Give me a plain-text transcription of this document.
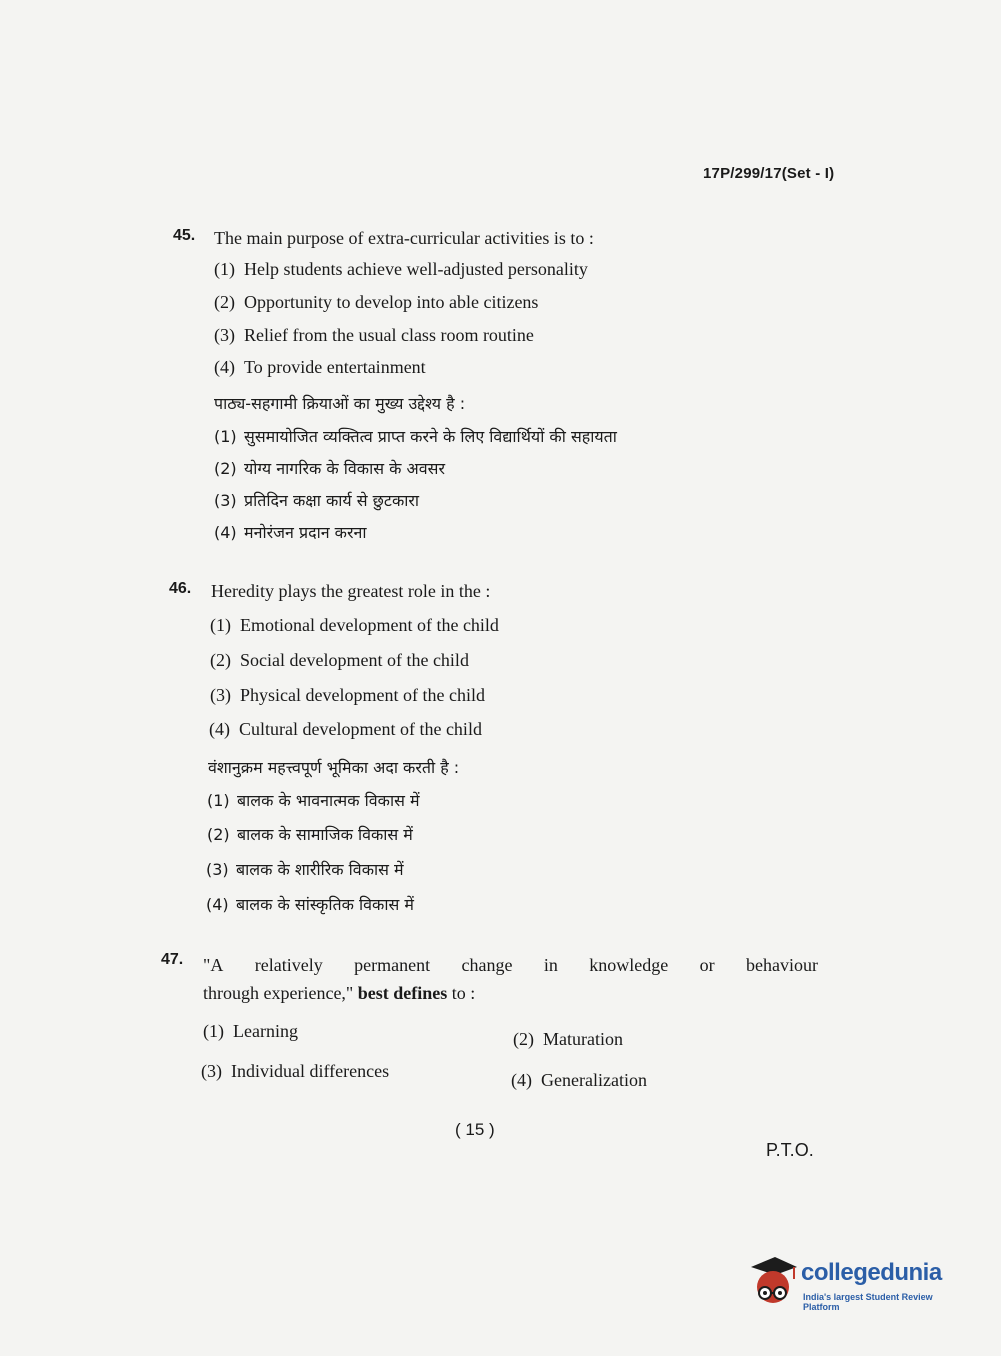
17P/299/17(Set - I)
45. The main purpose of extra-curricular activities is to :
(1) Help students achieve well-adjusted personality
(2) Opportunity to develop into able citizens
(3) Relief from the usual class room routine
(4) To provide entertainment
पाठ्य-सहगामी क्रियाओं का मुख्य उद्देश्य है :
(1) सुसमायोजित व्यक्तित्व प्राप्त करने के लिए विद्यार्थियों की सहायता
(2) योग्य नागरिक के विकास के अवसर
(3) प्रतिदिन कक्षा कार्य से छुटकारा
(4) मनोरंजन प्रदान करना
46. Heredity plays the greatest role in the :
(1) Emotional development of the child
(2) Social development of the child
(3) Physical development of the child
(4) Cultural development of the child
वंशानुक्रम महत्त्वपूर्ण भूमिका अदा करती है :
(1) बालक के भावनात्मक विकास में
(2) बालक के सामाजिक विकास में
(3) बालक के शारीरिक विकास में
(4) बालक के सांस्कृतिक विकास में
47. "A relatively permanent change in knowledge or behaviour
through experience," best defines to :
(1) Learning	(2) Maturation
(3) Individual differences	(4) Generalization
( 15 )
P.T.O.
collegedunia
India's largest Student Review Platform
